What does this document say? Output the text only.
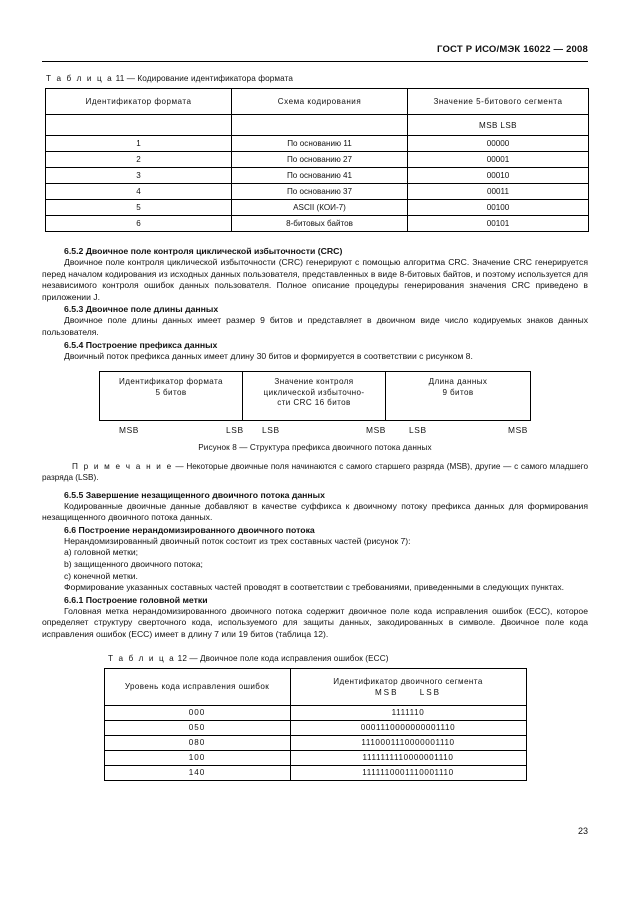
ГОСТ Р ИСО/МЭК 16022 — 2008
Т а б л и ц а 11 — Кодирование идентификатора формата
Идентификатор формата	Схема кодирования	Значение 5-битового сегмента
		MSB LSB
1	По основанию 11	00000
2	По основанию 27	00001
3	По основанию 41	00010
4	По основанию 37	00011
5	ASCII (КОИ-7)	00100
6	8-битовых байтов	00101
6.5.2 Двоичное поле контроля циклической избыточности (CRC)

Двоичное поле контроля циклической избыточности (CRC) генерируют с помощью алгоритма CRC. Значение CRC генерируется перед началом кодирования из исходных данных пользователя, представленных в виде 8-битовых байтов, и поэтому используется для независимого контроля ошибок данных пользователя. Полное описание процедуры генерирования значения CRC приведено в приложении J.

6.5.3 Двоичное поле длины данных

Двоичное поле длины данных имеет размер 9 битов и представляет в двоичном виде число кодируемых знаков данных пользователя.

6.5.4 Построение префикса данных

Двоичный поток префикса данных имеет длину 30 битов и формируется в соответствии с рисунком 8.

Идентификатор формата
5 битов	Значение контроля
циклической избыточно-
сти CRC 16 битов	Длина данных
9 битов
MSB	LSB LSB	MSB	LSB	MSB
Рисунок 8 — Структура префикса двоичного потока данных

П р и м е ч а н и е — Некоторые двоичные поля начинаются с самого старшего разряда (MSB), другие — с самого младшего разряда (LSB).

6.5.5 Завершение незащищенного двоичного потока данных

Кодированные двоичные данные добавляют в качестве суффикса к двоичному потоку префикса данных для формирования незащищенного двоичного потока данных.

6.6 Построение нерандомизированного двоичного потока

Нерандомизированный двоичный поток состоит из трех составных частей (рисунок 7):

a) головной метки;

b) защищенного двоичного потока;

c) конечной метки.

Формирование указанных составных частей проводят в соответствии с требованиями, приведенными в следующих пунктах.

6.6.1 Построение головной метки

Головная метка нерандомизированного двоичного потока содержит двоичное поле кода исправления ошибок (ECC), которое определяет структуру сверточного кода, используемого для защиты данных, закодированных в символе. Двоичное поле кода исправления ошибок (ECC) имеет в длину 7 или 19 битов (таблица 12).

Т а б л и ц а 12 — Двоичное поле кода исправления ошибок (ECC)
Уровень кода исправления ошибок	Идентификатор двоичного сегмента
MSB LSB

000	1111110
050	0001110000000001110
080	1110001110000001110
100	1111111110000001110
140	1111110001110001110
23
